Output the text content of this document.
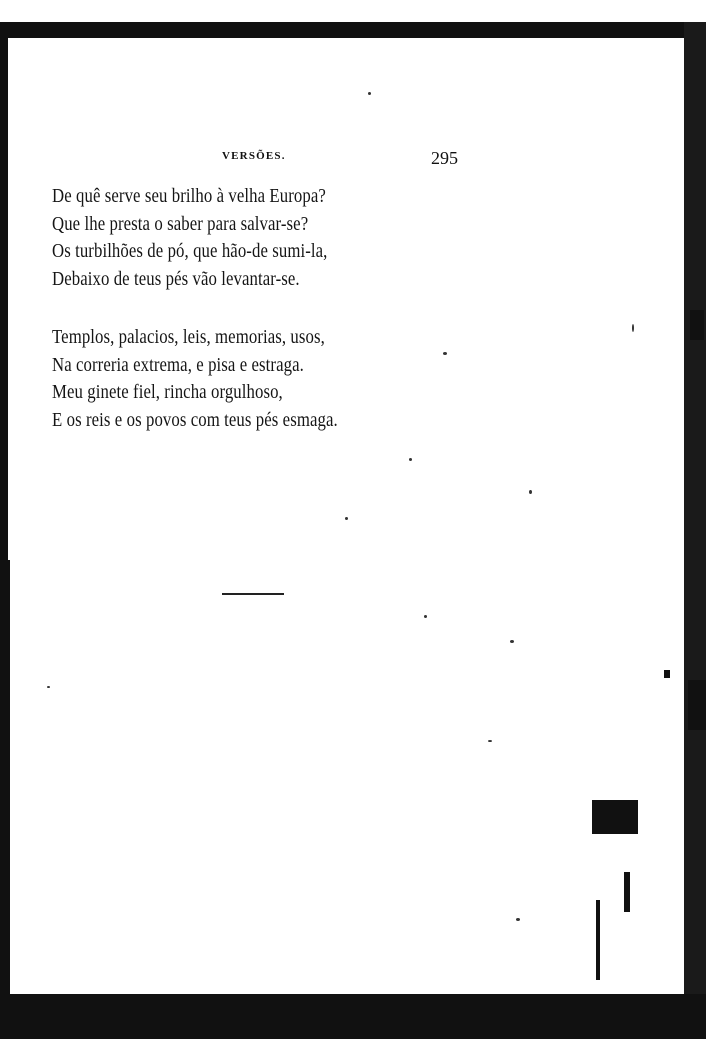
VERSÕES.	295
De quê serve seu brilho à velha Europa?
Que lhe presta o saber para salvar-se?
Os turbilhões de pó, que hão-de sumi-la,
Debaixo de teus pés vão levantar-se.
Templos, palacios, leis, memorias, usos,
Na correria extrema, e pisa e estraga.
Meu ginete fiel, rincha orgulhoso,
E os reis e os povos com teus pés esmaga.
